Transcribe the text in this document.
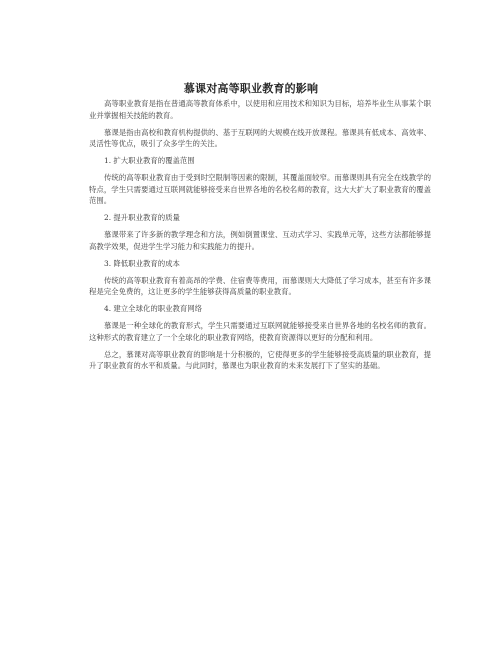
慕课对高等职业教育的影响

高等职业教育是指在普通高等教育体系中，以使用和应用技术和知识为目标，培养毕业生从事某个职业并掌握相关技能的教育。

慕课是指由高校和教育机构提供的、基于互联网的大规模在线开放课程。慕课具有低成本、高效率、灵活性等优点，吸引了众多学生的关注。

1. 扩大职业教育的覆盖范围

传统的高等职业教育由于受到时空限制等因素的限制，其覆盖面较窄。而慕课则具有完全在线教学的特点，学生只需要通过互联网就能够接受来自世界各地的名校名师的教育，这大大扩大了职业教育的覆盖范围。

2. 提升职业教育的质量

慕课带来了许多新的教学理念和方法，例如倒置课堂、互动式学习、实践单元等，这些方法都能够提高教学效果，促进学生学习能力和实践能力的提升。

3. 降低职业教育的成本

传统的高等职业教育有着高昂的学费、住宿费等费用，而慕课则大大降低了学习成本，甚至有许多课程是完全免费的，这让更多的学生能够获得高质量的职业教育。

4. 建立全球化的职业教育网络

慕课是一种全球化的教育形式，学生只需要通过互联网就能够接受来自世界各地的名校名师的教育。这种形式的教育建立了一个全球化的职业教育网络，使教育资源得以更好的分配和利用。

总之，慕课对高等职业教育的影响是十分积极的，它使得更多的学生能够接受高质量的职业教育，提升了职业教育的水平和质量。与此同时，慕课也为职业教育的未来发展打下了坚实的基础。
